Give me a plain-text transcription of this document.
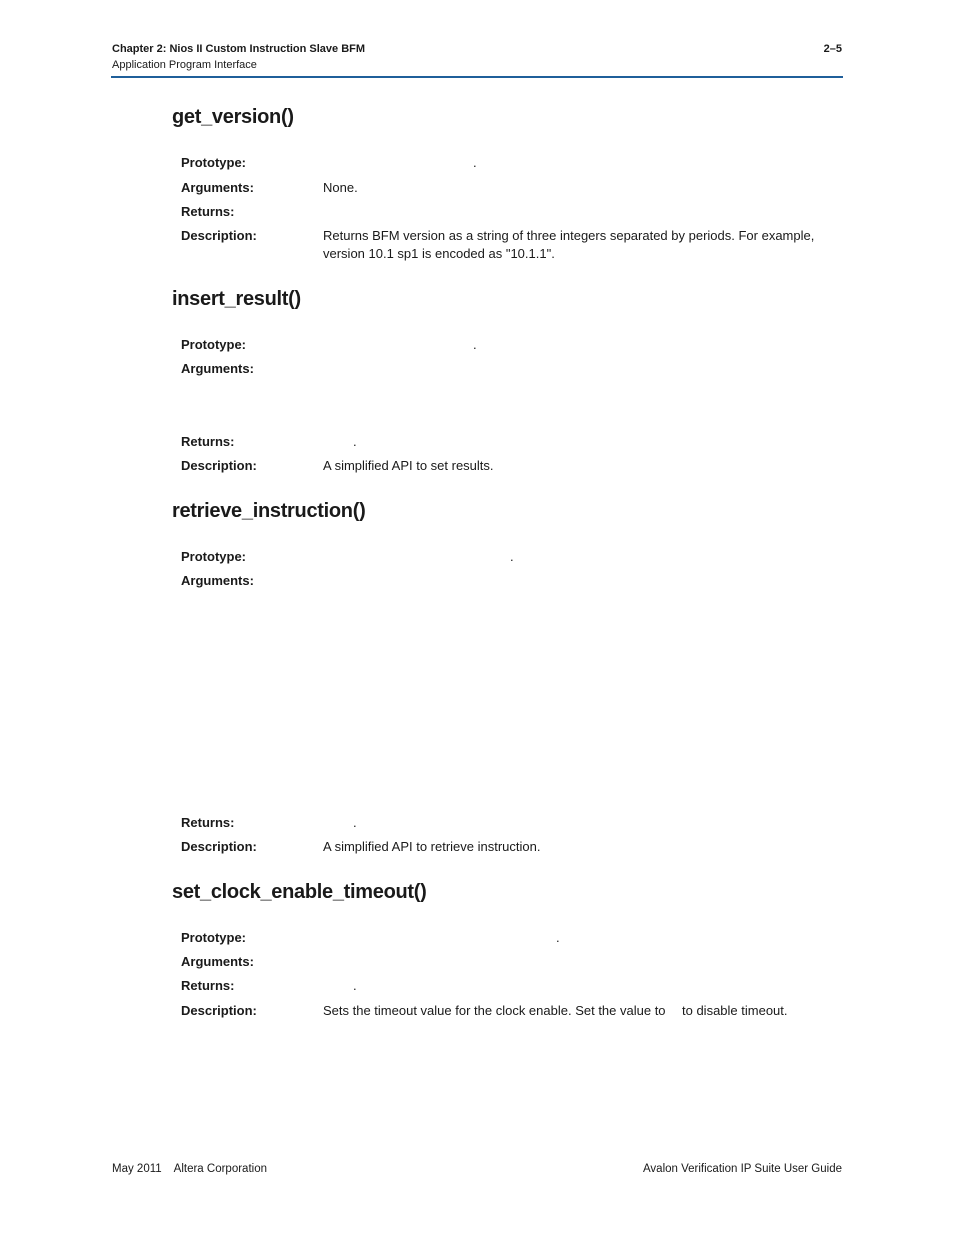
Chapter 2: Nios II Custom Instruction Slave BFM
Application Program Interface
2–5
get_version()
Prototype:	.
Arguments:	None.
Returns:
Description:	Returns BFM version as a string of three integers separated by periods. For example, version 10.1 sp1 is encoded as "10.1.1".
insert_result()
Prototype:	.
Arguments:
Returns:	.
Description:	A simplified API to set results.
retrieve_instruction()
Prototype:	.
Arguments:
Returns:	.
Description:	A simplified API to retrieve instruction.
set_clock_enable_timeout()
Prototype:	.
Arguments:
Returns:	.
Description:	Sets the timeout value for the clock enable. Set the value to to disable timeout.
May 2011 Altera Corporation	Avalon Verification IP Suite User Guide
